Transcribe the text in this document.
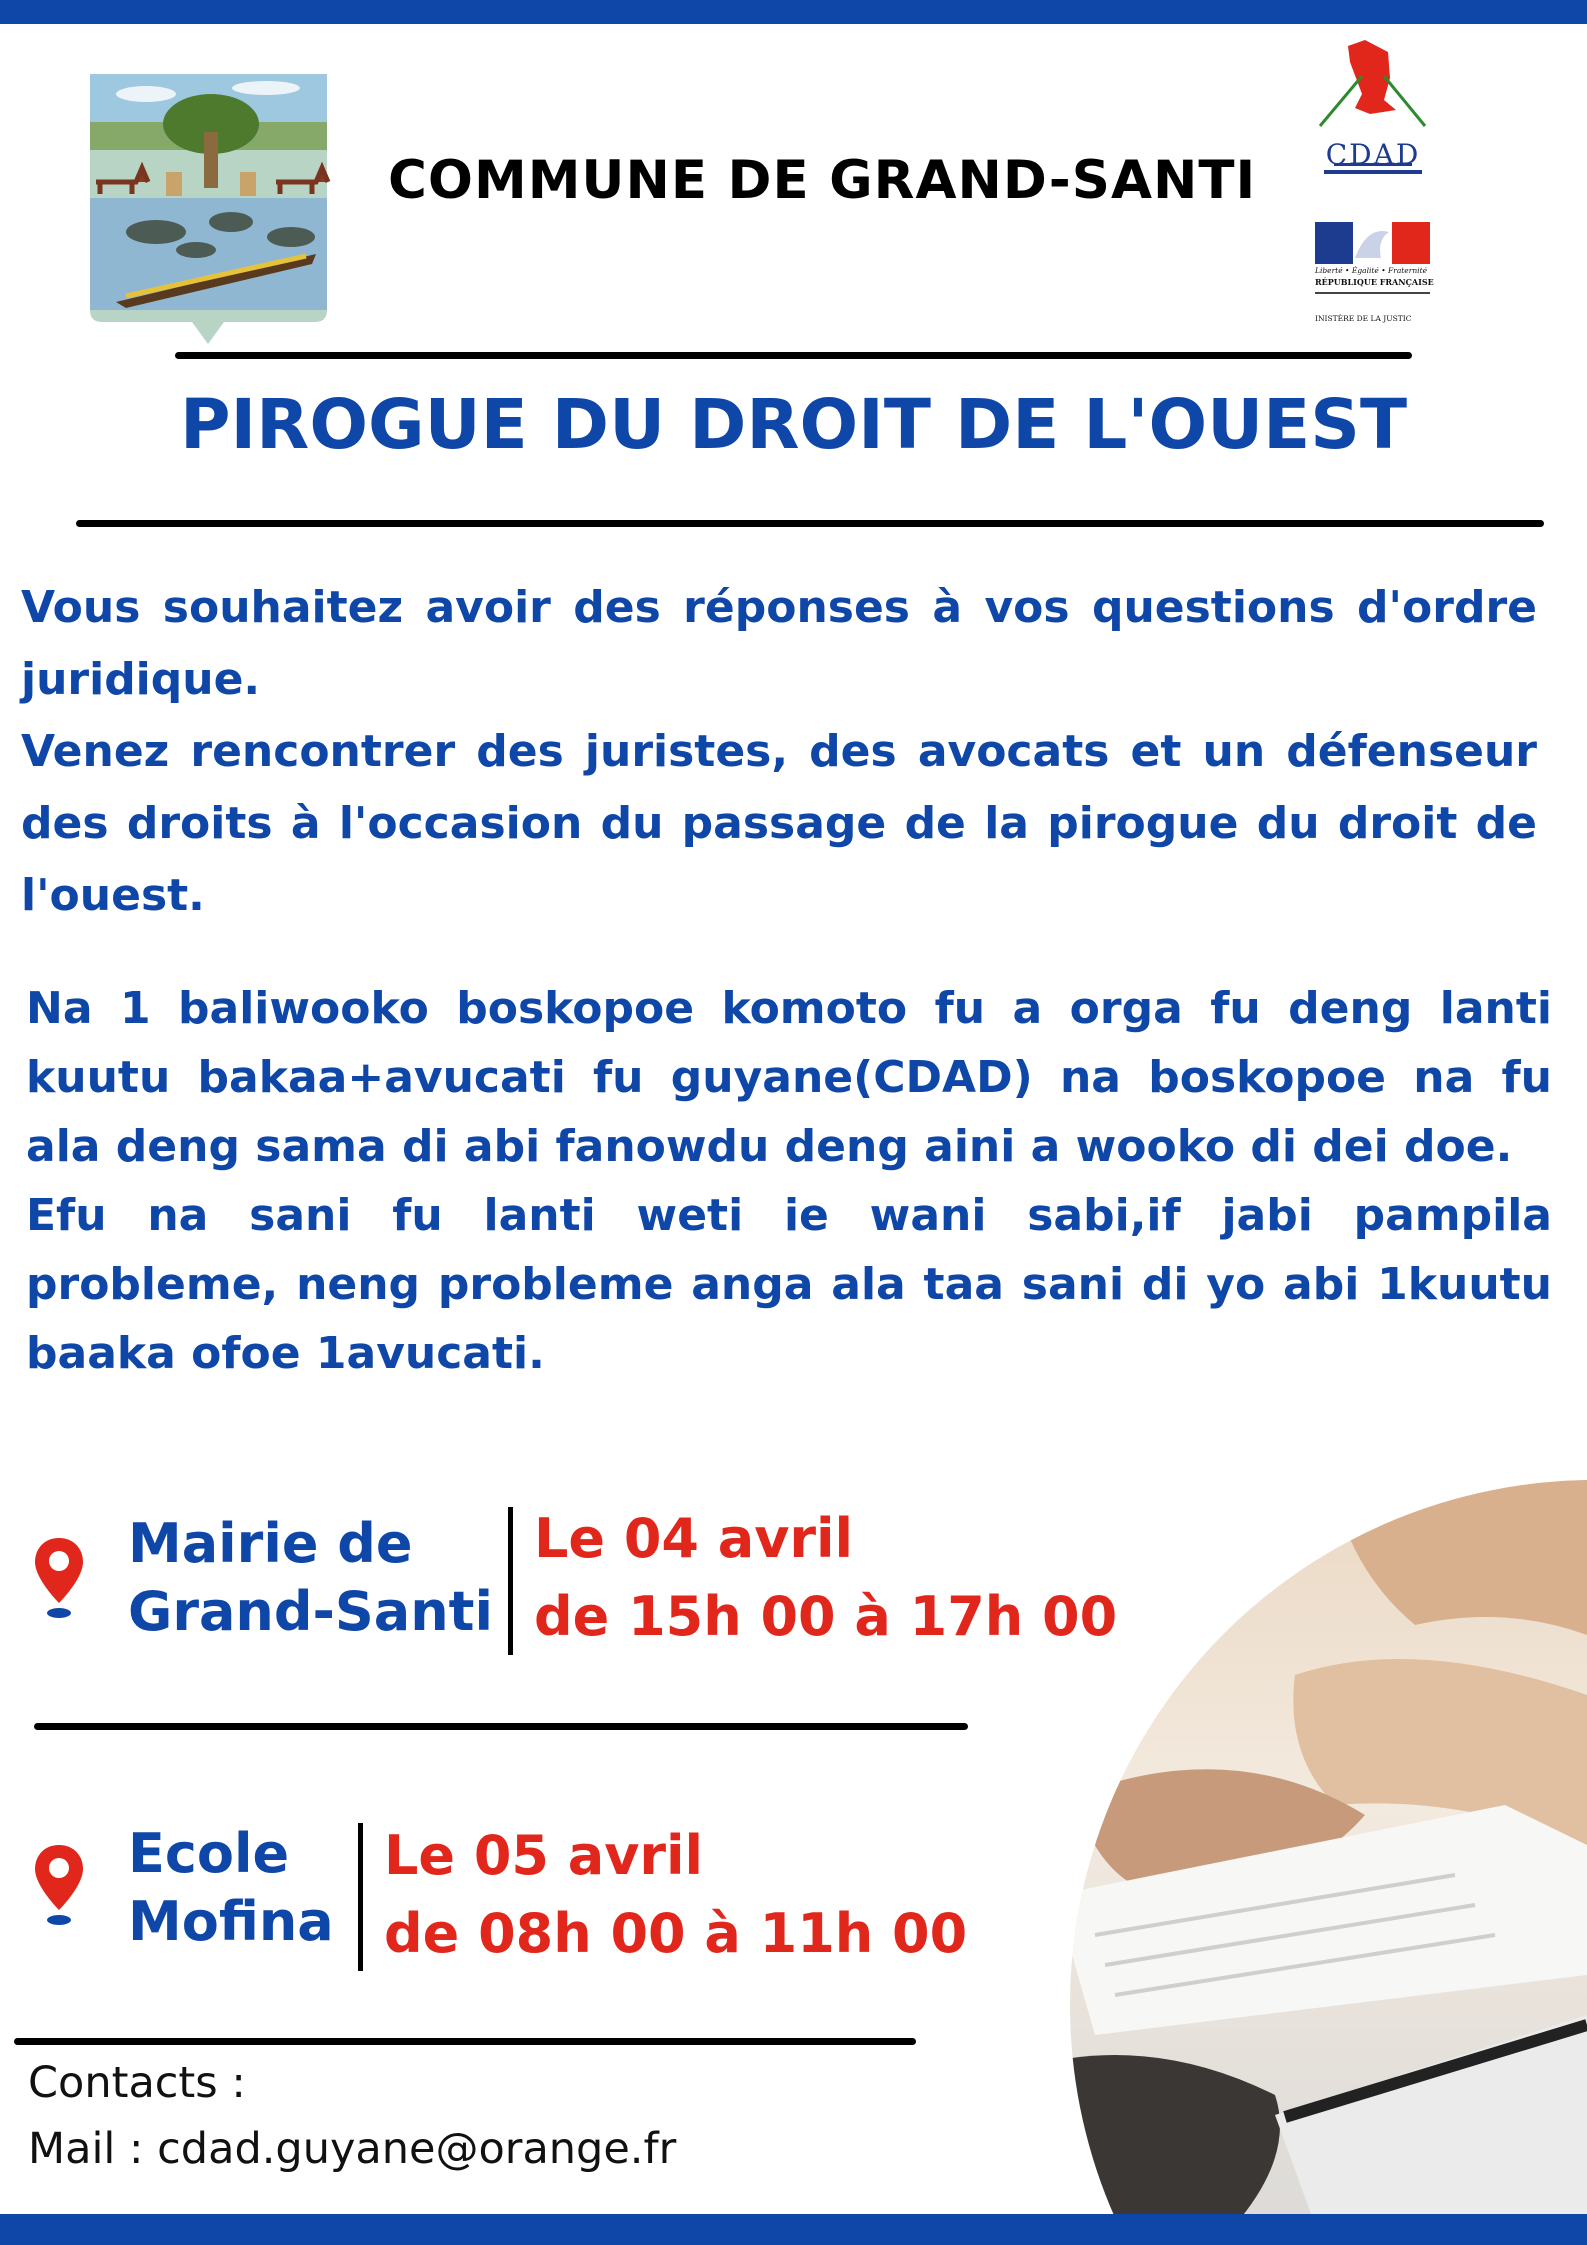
COMMUNE DE GRAND-SANTI	CDAD
Liberté • Égalité • Fraternité
RÉPUBLIQUE FRANÇAISE
INISTÈRE DE LA JUSTIC
PIROGUE DU DROIT DE L'OUEST

Vous souhaitez avoir des réponses à vos questions d'ordre juridique.

Venez rencontrer des juristes, des avocats et un défenseur des droits à l'occasion du passage de la pirogue du droit de l'ouest.

Na 1 baliwooko boskopoe komoto fu a orga fu deng lanti kuutu bakaa+avucati fu guyane(CDAD) na boskopoe na fu ala deng sama di abi fanowdu deng aini a wooko di dei doe.

Efu na sani fu lanti weti ie wani sabi,if jabi pampila probleme, neng probleme anga ala taa sani di yo abi 1kuutu baaka ofoe 1avucati.

Mairie de
Grand-Santi
Le 04 avril
de 15h 00 à 17h 00
Ecole
Mofina
Le 05 avril
de 08h 00 à 11h 00
Contacts :
Mail : cdad.guyane@orange.fr
